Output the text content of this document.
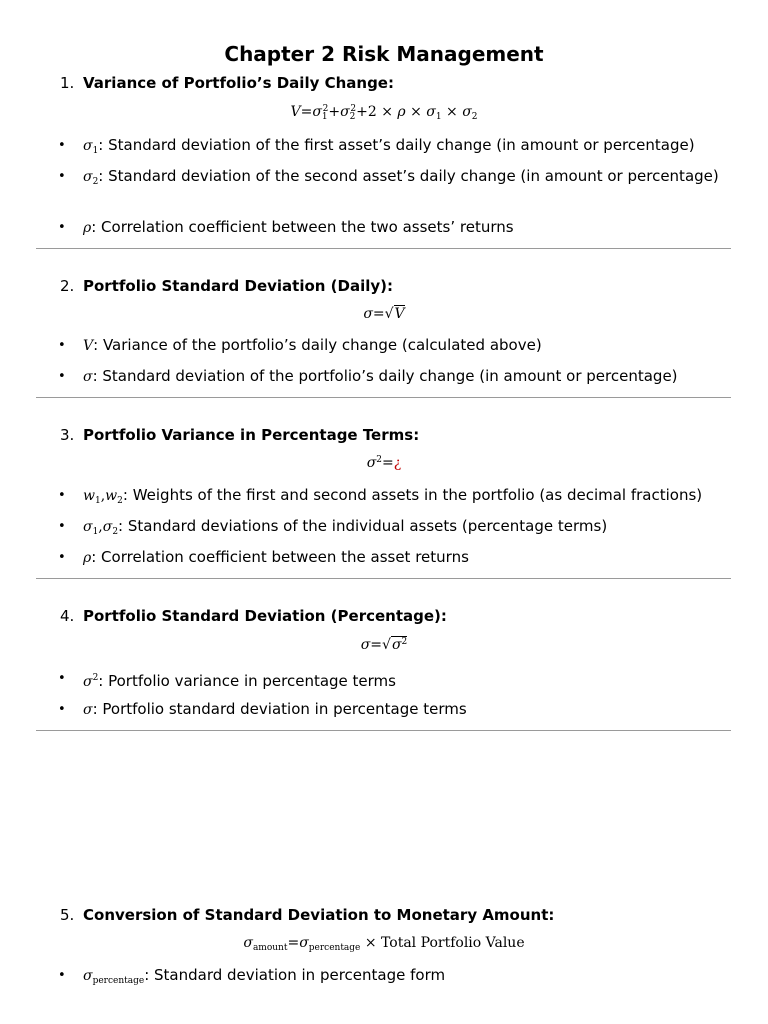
Chapter 2 Risk Management
1. Variance of Portfolio’s Daily Change:
$V=\sigma_1^2+\sigma_2^2+2 \times \rho \times \sigma_1 \times \sigma_2$
• $\sigma_1$: Standard deviation of the first asset’s daily change (in amount or percentage)
• $\sigma_2$: Standard deviation of the second asset’s daily change (in amount or percentage)
• ρ: Correlation coefficient between the two assets’ returns
2. Portfolio Standard Deviation (Daily):
σ=√V
• V: Variance of the portfolio’s daily change (calculated above)
• σ: Standard deviation of the portfolio’s daily change (in amount or percentage)
3. Portfolio Variance in Percentage Terms:
$\sigma^2=¿$
• $w_1,w_2$: Weights of the first and second assets in the portfolio (as decimal fractions)
• $\sigma_1,\sigma_2$: Standard deviations of the individual assets (percentage terms)
• ρ: Correlation coefficient between the asset returns
4. Portfolio Standard Deviation (Percentage):
$\sigma=√\sigma^2$
• $\sigma^2$: Portfolio variance in percentage terms
• σ: Portfolio standard deviation in percentage terms
5. Conversion of Standard Deviation to Monetary Amount:
$\sigma_{amount}=\sigma_{percentage}$ × Total Portfolio Value
• $\sigma_{percentage}$: Standard deviation in percentage form
